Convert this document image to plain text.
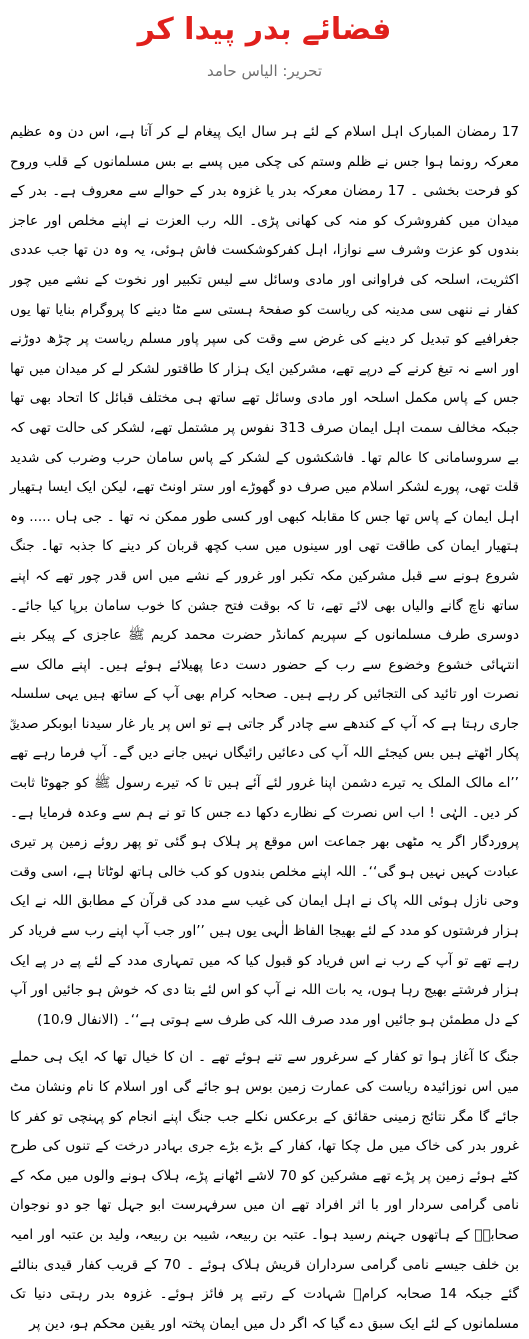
فضائے بدر پیدا کر
تحریر: الیاس حامد

17 رمضان المبارک اہل اسلام کے لئے ہر سال ایک پیغام لے کر آتا ہے، اس دن وہ عظیم معرکہ رونما ہوا جس نے ظلم وستم کی چکی میں پسے بے بس مسلمانوں کے قلب وروح کو فرحت بخشی ۔ 17 رمضان معرکہ بدر یا غزوہ بدر کے حوالے سے معروف ہے۔ بدر کے میدان میں کفروشرک کو منہ کی کھانی پڑی۔ اللہ رب العزت نے اپنے مخلص اور عاجز بندوں کو عزت وشرف سے نوازا، اہل کفرکوشکست فاش ہوئی، یہ وہ دن تھا جب عددی اکثریت، اسلحہ کی فراوانی اور مادی وسائل سے لیس تکبیر اور نخوت کے نشے میں چور کفار نے ننھی سی مدینہ کی ریاست کو صفحۂ ہستی سے مٹا دینے کا پروگرام بنایا تھا یوں جغرافیے کو تبدیل کر دینے کی غرض سے وقت کی سپر پاور مسلم ریاست پر چڑھ دوڑنے اور اسے نہ تیغ کرنے کے درپے تھے، مشرکین ایک ہزار کا طاقتور لشکر لے کر میدان میں تھا جس کے پاس مکمل اسلحہ اور مادی وسائل تھے ساتھ ہی مختلف قبائل کا اتحاد بھی تھا جبکہ مخالف سمت اہل ایمان صرف 313 نفوس پر مشتمل تھے، لشکر کی حالت تھی کہ بے سروسامانی کا عالم تھا۔ فاشکشوں کے لشکر کے پاس سامان حرب وضرب کی شدید قلت تھی، پورے لشکر اسلام میں صرف دو گھوڑے اور ستر اونٹ تھے، لیکن ایک ایسا ہتھیار اہل ایمان کے پاس تھا جس کا مقابلہ کبھی اور کسی طور ممکن نہ تھا ۔ جی ہاں ..... وہ ہتھیار ایمان کی طاقت تھی اور سینوں میں سب کچھ قربان کر دینے کا جذبہ تھا۔ جنگ شروع ہونے سے قبل مشرکین مکہ تکبر اور غرور کے نشے میں اس قدر چور تھے کہ اپنے ساتھ ناچ گانے والیاں بھی لائے تھے، تا کہ بوقت فتح جشن کا خوب سامان برپا کیا جائے۔ دوسری طرف مسلمانوں کے سپریم کمانڈر حضرت محمد کریم ﷺ عاجزی کے پیکر بنے انتہائی خشوع وخضوع سے رب کے حضور دست دعا پھیلائے ہوئے ہیں۔ اپنے مالک سے نصرت اور تائید کی التجائیں کر رہے ہیں۔ صحابہ کرام بھی آپ کے ساتھ ہیں یہی سلسلہ جاری رہتا ہے کہ آپ کے کندھے سے چادر گر جاتی ہے تو اس پر یار غار سیدنا ابوبکر صدیقؓ پکار اٹھتے ہیں بس کیجئے اللہ آپ کی دعائیں رائیگاں نہیں جانے دیں گے۔ آپ فرما رہے تھے ’’اے مالک الملک یہ تیرے دشمن اپنا غرور لئے آئے ہیں تا کہ تیرے رسول ﷺ کو جھوٹا ثابت کر دیں۔ الہٰی ! اب اس نصرت کے نظارے دکھا دے جس کا تو نے ہم سے وعدہ فرمایا ہے۔ پروردگار اگر یہ مٹھی بھر جماعت اس موقع پر ہلاک ہو گئی تو پھر روئے زمین پر تیری عبادت کہیں نہیں ہو گی‘‘۔ اللہ اپنے مخلص بندوں کو کب خالی ہاتھ لوٹاتا ہے، اسی وقت وحی نازل ہوئی اللہ پاک نے اہل ایمان کی غیب سے مدد کی قرآن کے مطابق اللہ نے ایک ہزار فرشتوں کو مدد کے لئے بھیجا الفاظ الٰہی یوں ہیں ’’اور جب آپ اپنے رب سے فریاد کر رہے تھے تو آپ کے رب نے اس فریاد کو قبول کیا کہ میں تمہاری مدد کے لئے پے در پے ایک ہزار فرشتے بھیج رہا ہوں، یہ بات اللہ نے آپ کو اس لئے بتا دی کہ خوش ہو جائیں اور آپ کے دل مطمئن ہو جائیں اور مدد صرف اللہ کی طرف سے ہوتی ہے‘‘۔ (الانفال 10،9)

جنگ کا آغاز ہوا تو کفار کے سرغرور سے تنے ہوئے تھے ۔ ان کا خیال تھا کہ ایک ہی حملے میں اس نوزائیدہ ریاست کی عمارت زمین بوس ہو جائے گی اور اسلام کا نام ونشان مٹ جائے گا مگر نتائج زمینی حقائق کے برعکس نکلے جب جنگ اپنے انجام کو پہنچی تو کفر کا غرور بدر کی خاک میں مل چکا تھا، کفار کے بڑے بڑے جری بہادر درخت کے تنوں کی طرح کٹے ہوئے زمین پر پڑے تھے مشرکین کو 70 لاشے اٹھانے پڑے، ہلاک ہونے والوں میں مکہ کے نامی گرامی سردار اور با اثر افراد تھے ان میں سرفہرست ابو جہل تھا جو دو نوجوان صحابہؓ کے ہاتھوں جہنم رسید ہوا۔ عتبہ بن ربیعہ، شیبہ بن ربیعہ، ولید بن عتبہ اور امیہ بن خلف جیسے نامی گرامی سرداران قریش ہلاک ہوئے ۔ 70 کے قریب کفار قیدی بنالئے گئے جبکہ 14 صحابہ کرامؓ شہادت کے رتبے پر فائز ہوئے۔ غزوہ بدر رہتی دنیا تک مسلمانوں کے لئے ایک سبق دے گیا کہ اگر دل میں ایمان پختہ اور یقین محکم ہو، دین پر
